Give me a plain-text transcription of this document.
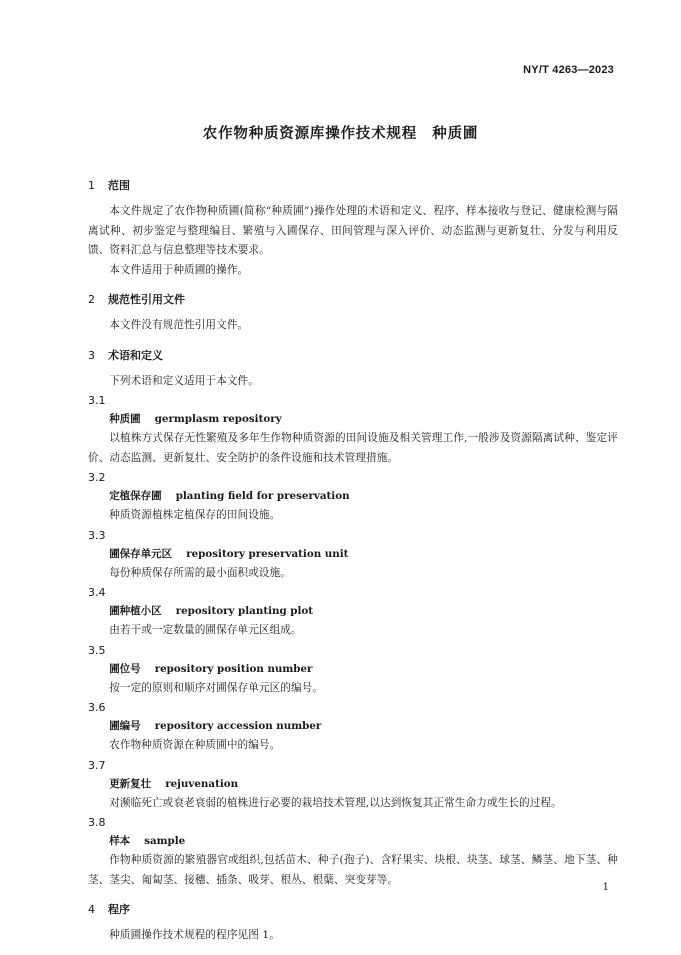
NY/T 4263—2023
农作物种质资源库操作技术规程　种质圃
1 范围

本文件规定了农作物种质圃(简称“种质圃”)操作处理的术语和定义、程序、样本接收与登记、健康检测与隔离试种、初步鉴定与整理编目、繁殖与入圃保存、田间管理与深入评价、动态监测与更新复壮、分发与利用反馈、资料汇总与信息整理等技术要求。

本文件适用于种质圃的操作。

2 规范性引用文件

本文件没有规范性引用文件。

3 术语和定义

下列术语和定义适用于本文件。

3.1
种质圃 germplasm repository

以植株方式保存无性繁殖及多年生作物种质资源的田间设施及相关管理工作,一般涉及资源隔离试种、鉴定评价、动态监测、更新复壮、安全防护的条件设施和技术管理措施。

3.2
定植保存圃 planting field for preservation

种质资源植株定植保存的田间设施。

3.3
圃保存单元区 repository preservation unit

每份种质保存所需的最小面积或设施。

3.4
圃种植小区 repository planting plot

由若干或一定数量的圃保存单元区组成。

3.5
圃位号 repository position number

按一定的原则和顺序对圃保存单元区的编号。

3.6
圃编号 repository accession number

农作物种质资源在种质圃中的编号。

3.7
更新复壮 rejuvenation

对濒临死亡或衰老衰弱的植株进行必要的栽培技术管理,以达到恢复其正常生命力或生长的过程。

3.8
样本 sample

作物种质资源的繁殖器官或组织,包括苗木、种子(孢子)、含籽果实、块根、块茎、球茎、鳞茎、地下茎、种茎、茎尖、匍匐茎、接穗、插条、吸芽、根丛、根蘖、突变芽等。

4 程序

种质圃操作技术规程的程序见图 1。

1
